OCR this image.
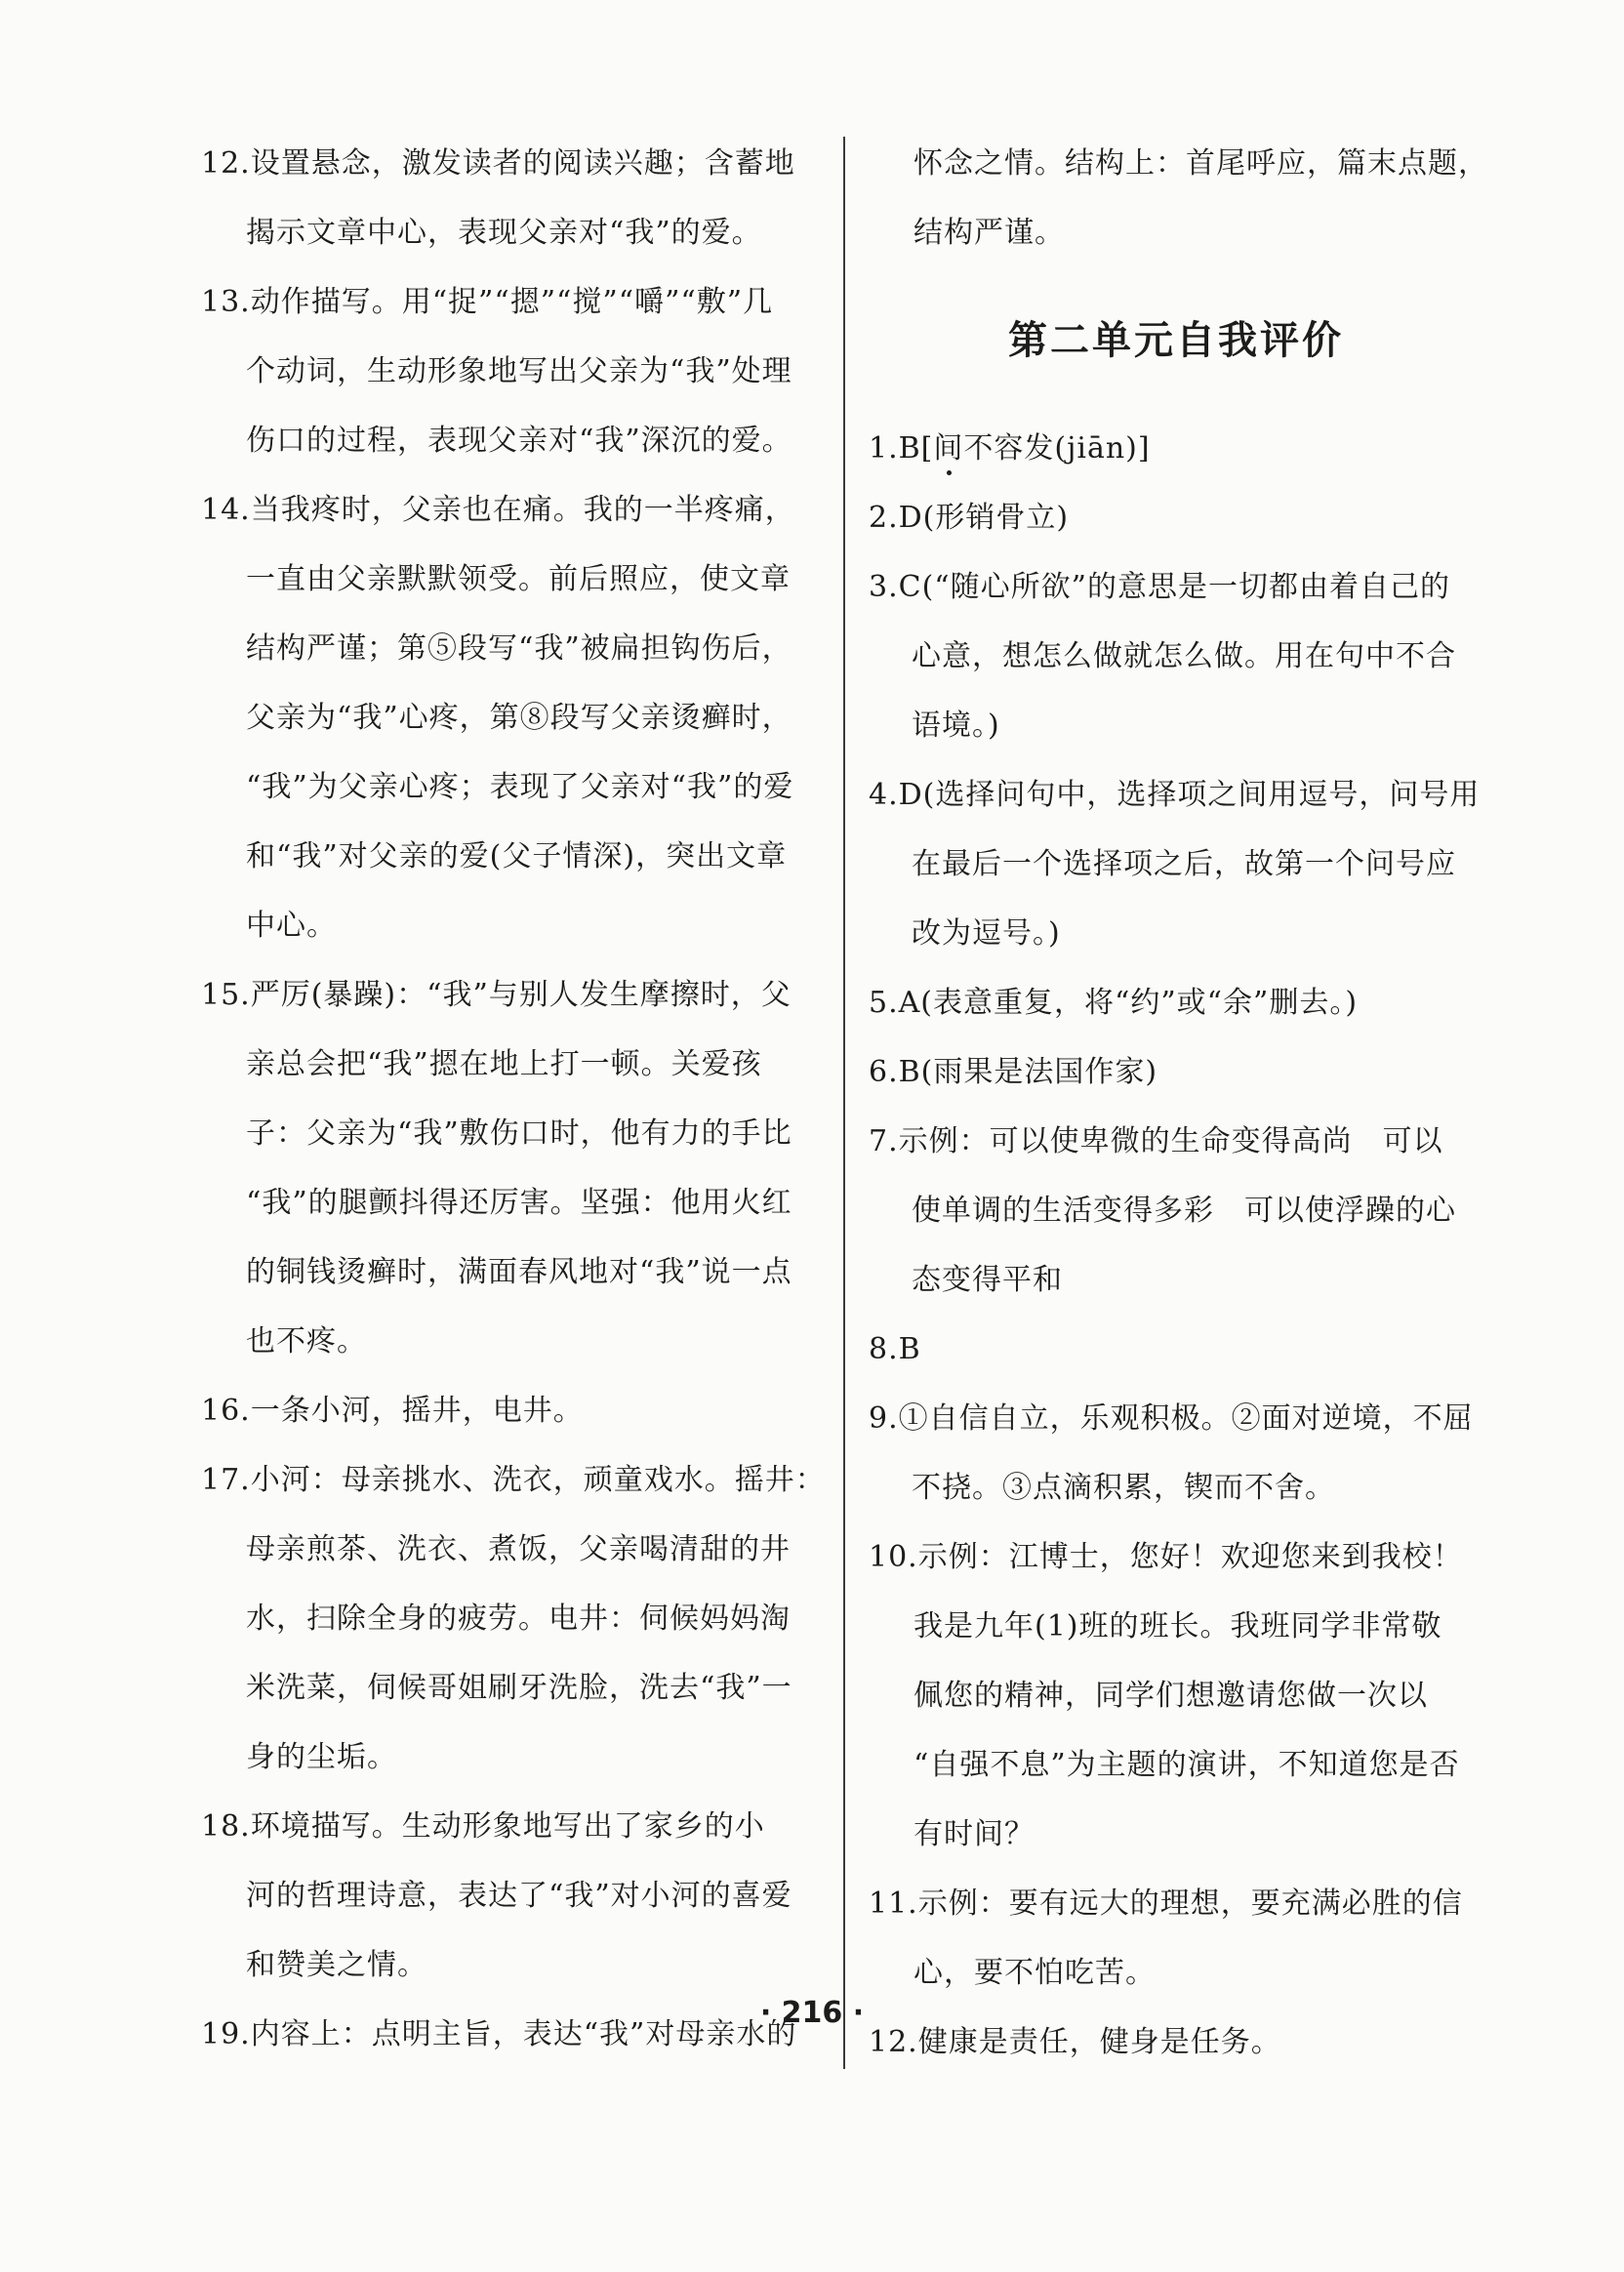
12.设置悬念，激发读者的阅读兴趣；含蓄地
揭示文章中心，表现父亲对“我”的爱。
13.动作描写。用“捉”“摁”“搅”“嚼”“敷”几
个动词，生动形象地写出父亲为“我”处理
伤口的过程，表现父亲对“我”深沉的爱。
14.当我疼时，父亲也在痛。我的一半疼痛，
一直由父亲默默领受。前后照应，使文章
结构严谨；第⑤段写“我”被扁担钩伤后，
父亲为“我”心疼，第⑧段写父亲烫癣时，
“我”为父亲心疼；表现了父亲对“我”的爱
和“我”对父亲的爱(父子情深)，突出文章
中心。
15.严厉(暴躁)：“我”与别人发生摩擦时，父
亲总会把“我”摁在地上打一顿。关爱孩
子：父亲为“我”敷伤口时，他有力的手比
“我”的腿颤抖得还厉害。坚强：他用火红
的铜钱烫癣时，满面春风地对“我”说一点
也不疼。
16.一条小河，摇井，电井。
17.小河：母亲挑水、洗衣，顽童戏水。摇井：
母亲煎茶、洗衣、煮饭，父亲喝清甜的井
水，扫除全身的疲劳。电井：伺候妈妈淘
米洗菜，伺候哥姐刷牙洗脸，洗去“我”一
身的尘垢。
18.环境描写。生动形象地写出了家乡的小
河的哲理诗意，表达了“我”对小河的喜爱
和赞美之情。
19.内容上：点明主旨，表达“我”对母亲水的
怀念之情。结构上：首尾呼应，篇末点题，
结构严谨。
第二单元自我评价
1.B[间不容发(jiān)]
2.D(形销骨立)
3.C(“随心所欲”的意思是一切都由着自己的
心意，想怎么做就怎么做。用在句中不合
语境。)
4.D(选择问句中，选择项之间用逗号，问号用
在最后一个选择项之后，故第一个问号应
改为逗号。)
5.A(表意重复，将“约”或“余”删去。)
6.B(雨果是法国作家)
7.示例：可以使卑微的生命变得高尚　可以
使单调的生活变得多彩　可以使浮躁的心
态变得平和
8.B
9.①自信自立，乐观积极。②面对逆境，不屈
不挠。③点滴积累，锲而不舍。
10.示例：江博士，您好！欢迎您来到我校！
我是九年(1)班的班长。我班同学非常敬
佩您的精神，同学们想邀请您做一次以
“自强不息”为主题的演讲，不知道您是否
有时间？
11.示例：要有远大的理想，要充满必胜的信
心，要不怕吃苦。
12.健康是责任，健身是任务。
· 216 ·
